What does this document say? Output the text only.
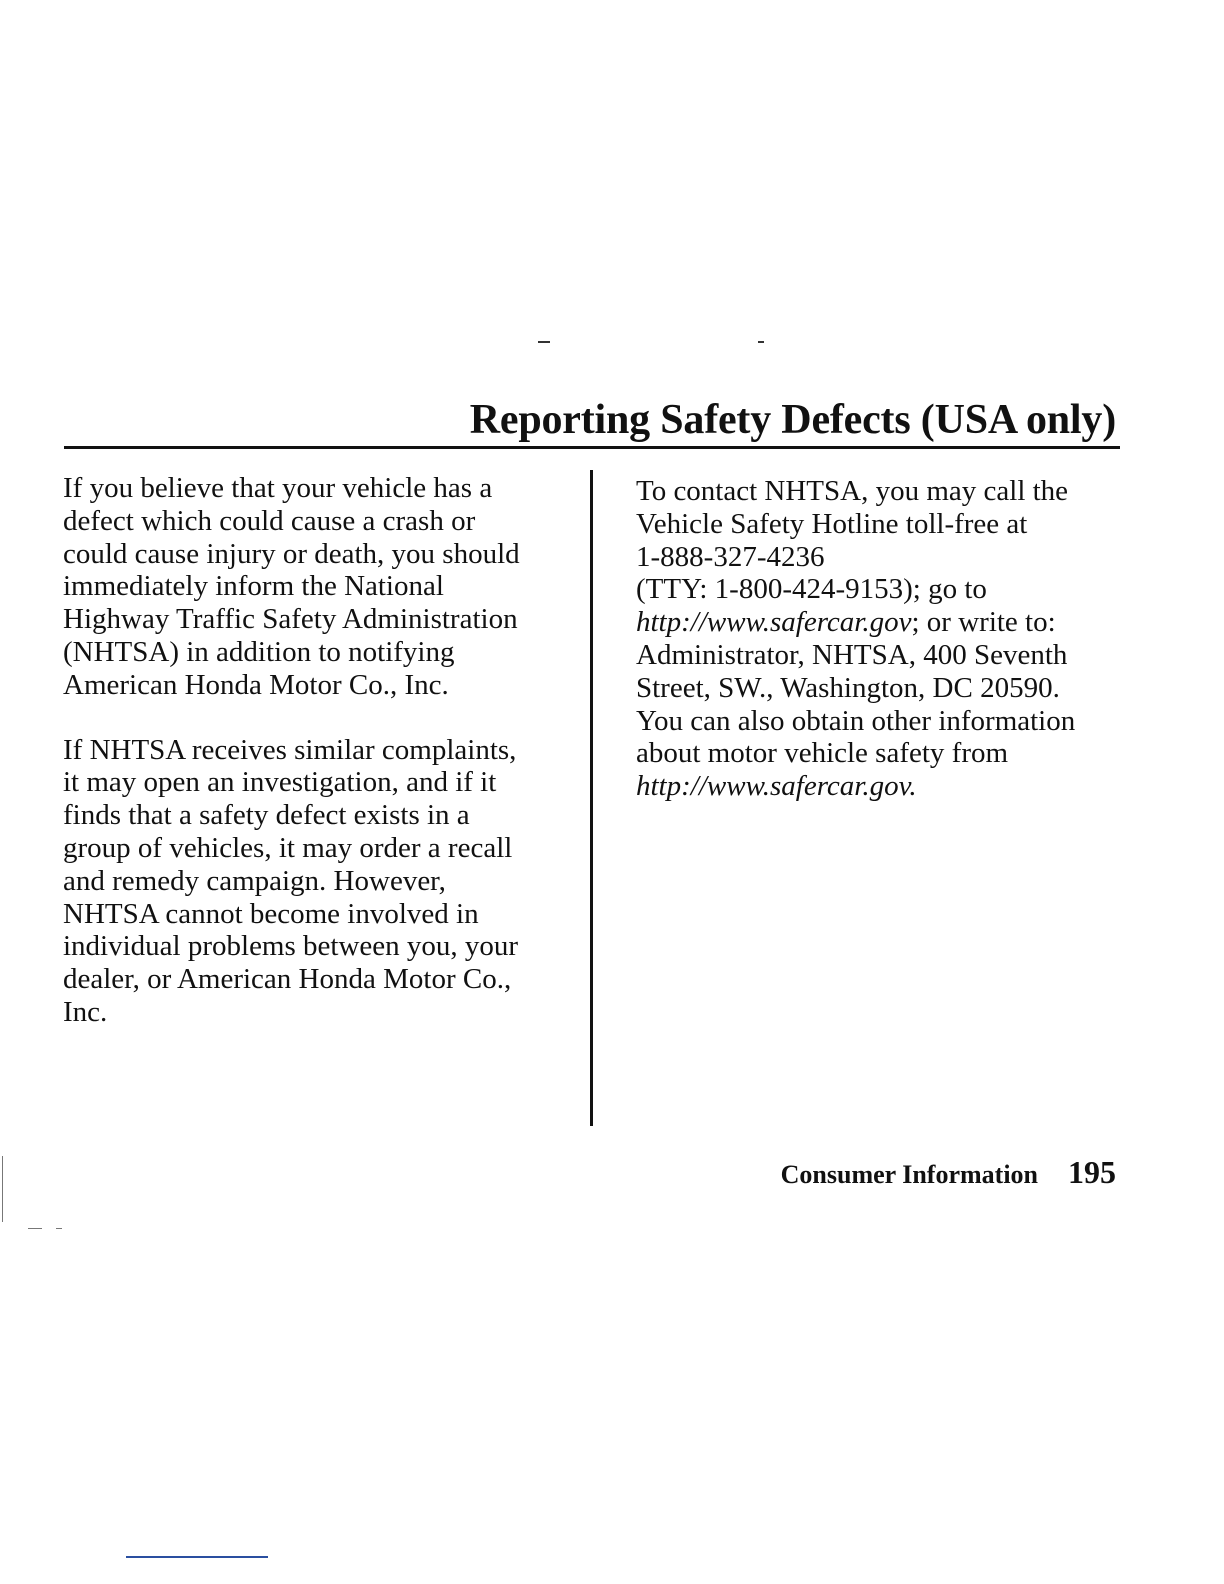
Reporting Safety Defects (USA only)

If you believe that your vehicle has a
defect which could cause a crash or
could cause injury or death, you should
immediately inform the National
Highway Traffic Safety Administration
(NHTSA) in addition to notifying
American Honda Motor Co., Inc.

If NHTSA receives similar complaints,
it may open an investigation, and if it
finds that a safety defect exists in a
group of vehicles, it may order a recall
and remedy campaign. However,
NHTSA cannot become involved in
individual problems between you, your
dealer, or American Honda Motor Co.,
Inc.

To contact NHTSA, you may call the
Vehicle Safety Hotline toll-free at
1-888-327-4236
(TTY: 1-800-424-9153); go to
http://www.safercar.gov; or write to:
Administrator, NHTSA, 400 Seventh
Street, SW., Washington, DC 20590.
You can also obtain other information
about motor vehicle safety from
http://www.safercar.gov.

Consumer Information 195
